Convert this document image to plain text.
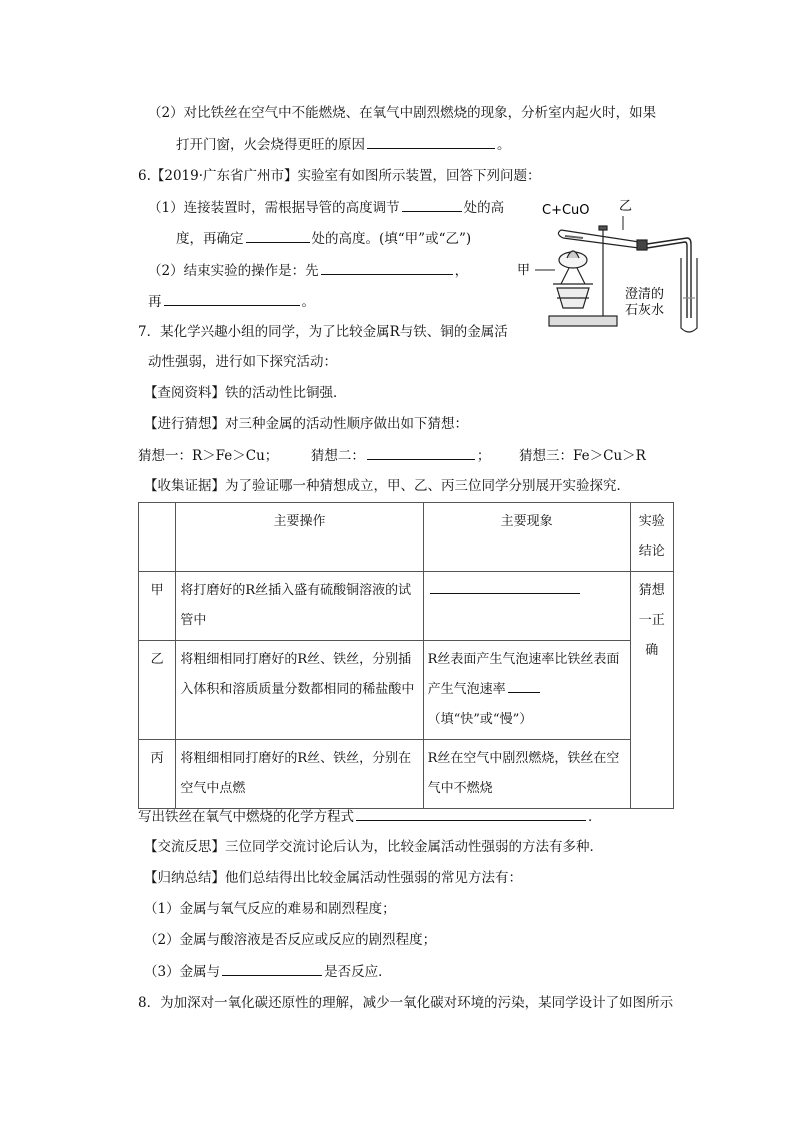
（2）对比铁丝在空气中不能燃烧、在氧气中剧烈燃烧的现象，分析室内起火时，如果
打开门窗，火会烧得更旺的原因	。
6.【2019·广东省广州市】实验室有如图所示装置，回答下列问题：
（1）连接装置时，需根据导管的高度调节	处的高
度，再确定	处的高度。(填“甲”或“乙”)
（2）结束实验的操作是：先	，
再	。
C+CuO 乙
甲
澄清的
石灰水
7．某化学兴趣小组的同学，为了比较金属R与铁、铜的金属活
动性强弱，进行如下探究活动：
【查阅资料】铁的活动性比铜强．
【进行猜想】对三种金属的活动性顺序做出如下猜想：
猜想一：R＞Fe＞Cu； 猜想二：	； 猜想三：Fe＞Cu＞R
【收集证据】为了验证哪一种猜想成立，甲、乙、丙三位同学分别展开实验探究．
	主要操作	主要现象	实验结论
甲	将打磨好的R丝插入盛有硫酸铜溶液的试管中		猜想一正确
乙	将粗细相同打磨好的R丝、铁丝，分别插入体积和溶质质量分数都相同的稀盐酸中	R丝表面产生气泡速率比铁丝表面产生气泡速率（填“快”或“慢”）	
丙	将粗细相同打磨好的R丝、铁丝，分别在空气中点燃	R丝在空气中剧烈燃烧，铁丝在空气中不燃烧	
写出铁丝在氧气中燃烧的化学方程式	．
【交流反思】三位同学交流讨论后认为，比较金属活动性强弱的方法有多种．
【归纳总结】他们总结得出比较金属活动性强弱的常见方法有：
（1）金属与氧气反应的难易和剧烈程度；
（2）金属与酸溶液是否反应或反应的剧烈程度；
（3）金属与	是否反应．
8．为加深对一氧化碳还原性的理解，减少一氧化碳对环境的污染，某同学设计了如图所示
